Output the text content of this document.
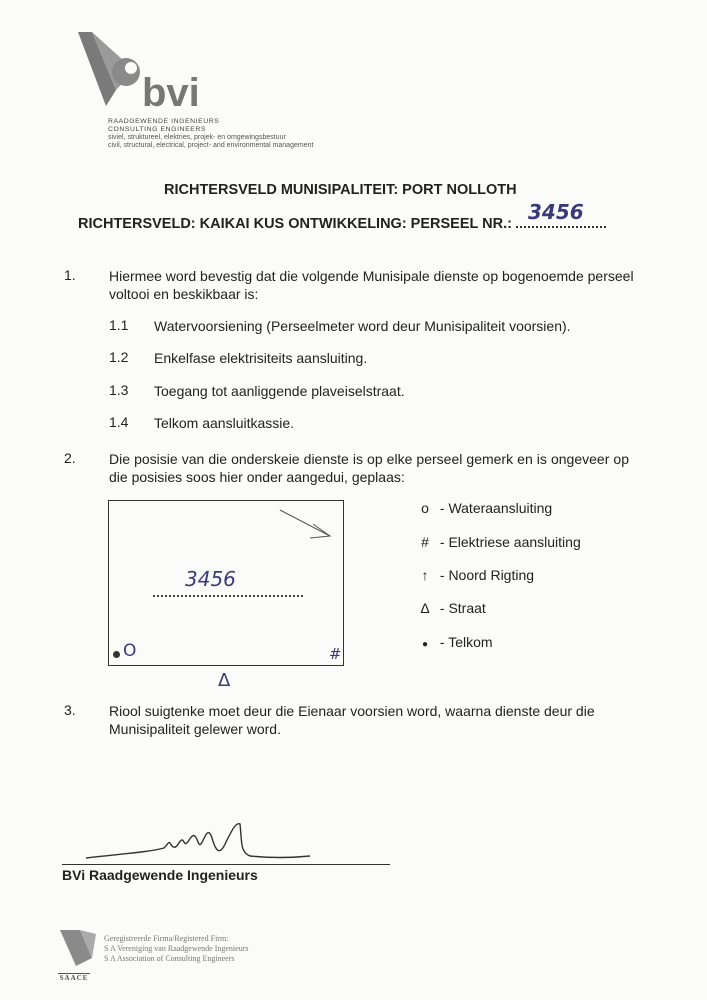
bvi
RAADGEWENDE INGENIEURS
CONSULTING ENGINEERS
siviel, struktureel, elektries, projek- en omgewingsbestuur
civil, structural, electrical, project- and environmental management
RICHTERSVELD MUNISIPALITEIT: PORT NOLLOTH
RICHTERSVELD: KAIKAI KUS ONTWIKKELING: PERSEEL NR.: 3456
1. Hiermee word bevestig dat die volgende Munisipale dienste op bogenoemde perseel voltooi en beskikbaar is:
1.1 Watervoorsiening (Perseelmeter word deur Munisipaliteit voorsien).
1.2 Enkelfase elektrisiteits aansluiting.
1.3 Toegang tot aanliggende plaveiselstraat.
1.4 Telkom aansluitkassie.
2. Die posisie van die onderskeie dienste is op elke perseel gemerk en is ongeveer op die posisies soos hier onder aangedui, geplaas:
3456
O	#
Δ
o - Wateraansluiting
# - Elektriese aansluiting
↑ - Noord Rigting
Δ - Straat
● - Telkom
3. Riool suigtenke moet deur die Eienaar voorsien word, waarna dienste deur die Munisipaliteit gelewer word.
BVi Raadgewende Ingenieurs
SAACE
Geregistreerde Firma/Registered Firm:
S A Vereniging van Raadgewende Ingenieurs
S A Association of Consulting Engineers
